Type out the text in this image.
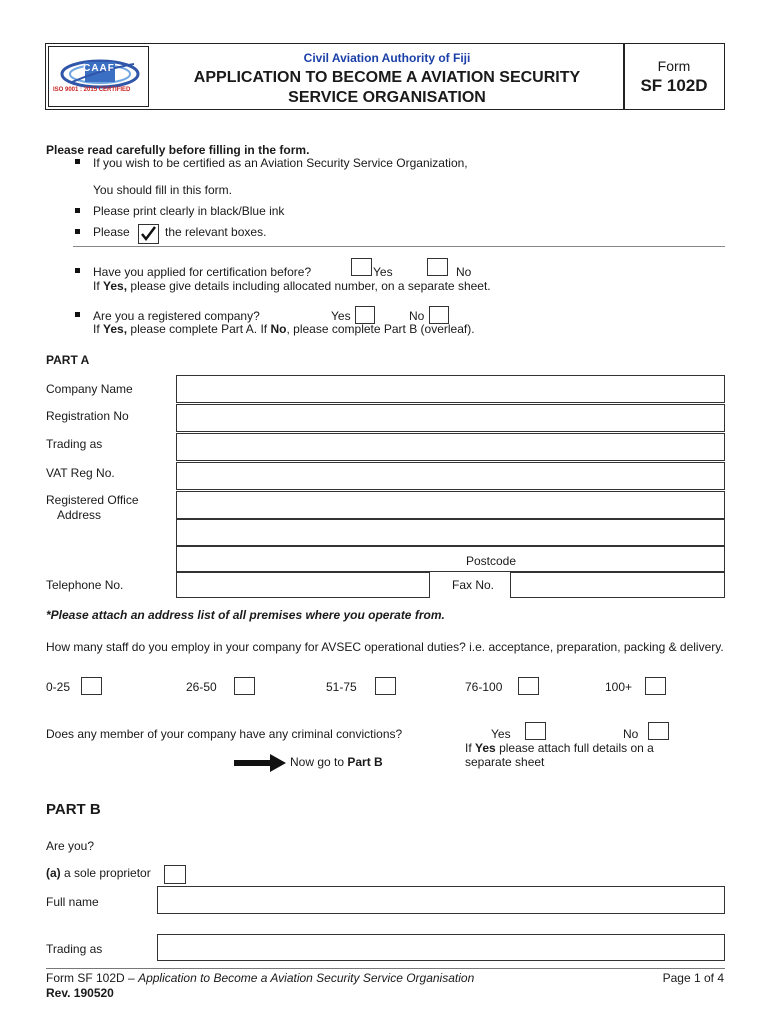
CAAF
ISO 9001 : 2015 CERTIFIED
Civil Aviation Authority of Fiji
APPLICATION TO BECOME A AVIATION SECURITY
SERVICE ORGANISATION
Form
SF 102D
Please read carefully before filling in the form.
If you wish to be certified as an Aviation Security Service Organization,
You should fill in this form.
Please print clearly in black/Blue ink
Please	the relevant boxes.
Have you applied for certification before?	Yes	No
If Yes, please give details including allocated number, on a separate sheet.
Are you a registered company?	Yes	No
If Yes, please complete Part A. If No, please complete Part B (overleaf).
PART A
Company Name
Registration No
Trading as
VAT Reg No.
Registered Office
Address
Postcode
Telephone No.	Fax No.
*Please attach an address list of all premises where you operate from.
How many staff do you employ in your company for AVSEC operational duties? i.e. acceptance, preparation, packing & delivery.
0-25	26-50	51-75	76-100	100+
Does any member of your company have any criminal convictions?	Yes	No
If Yes please attach full details on a
separate sheet
Now go to Part B
PART B
Are you?
(a) a sole proprietor
Full name
Trading as
Form SF 102D – Application to Become a Aviation Security Service Organisation
Rev. 190520
Page 1 of 4
